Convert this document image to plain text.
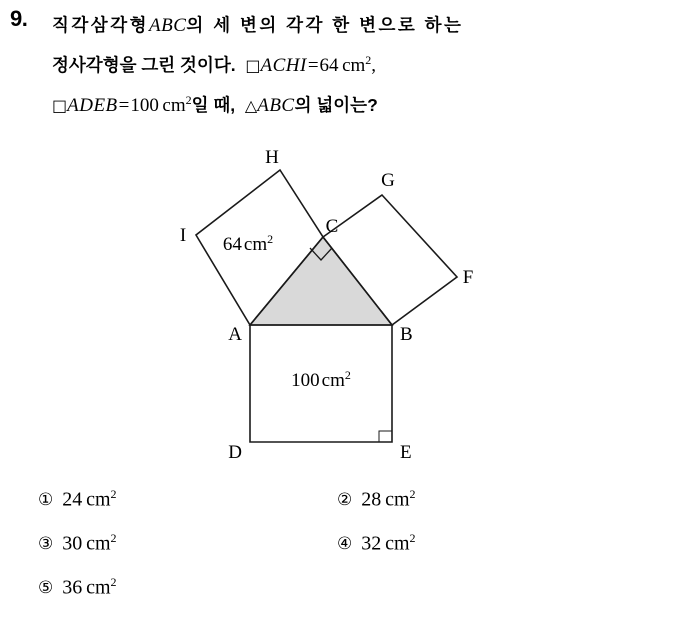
9. 직각삼각형ABC의 세 변의 각각 한 변으로 하는
정사각형을 그린 것이다. □ACHI=64  $cm^2$,
□ADEB=100  $cm^2$일 때, △ABC의 넓이는?
H
G
I	C
F
A	B
D	E
64 $cm^2$
100 $cm^2$
① 24  $cm^2$	② 28  $cm^2$
③ 30  $cm^2$	④ 32  $cm^2$
⑤ 36  $cm^2$
